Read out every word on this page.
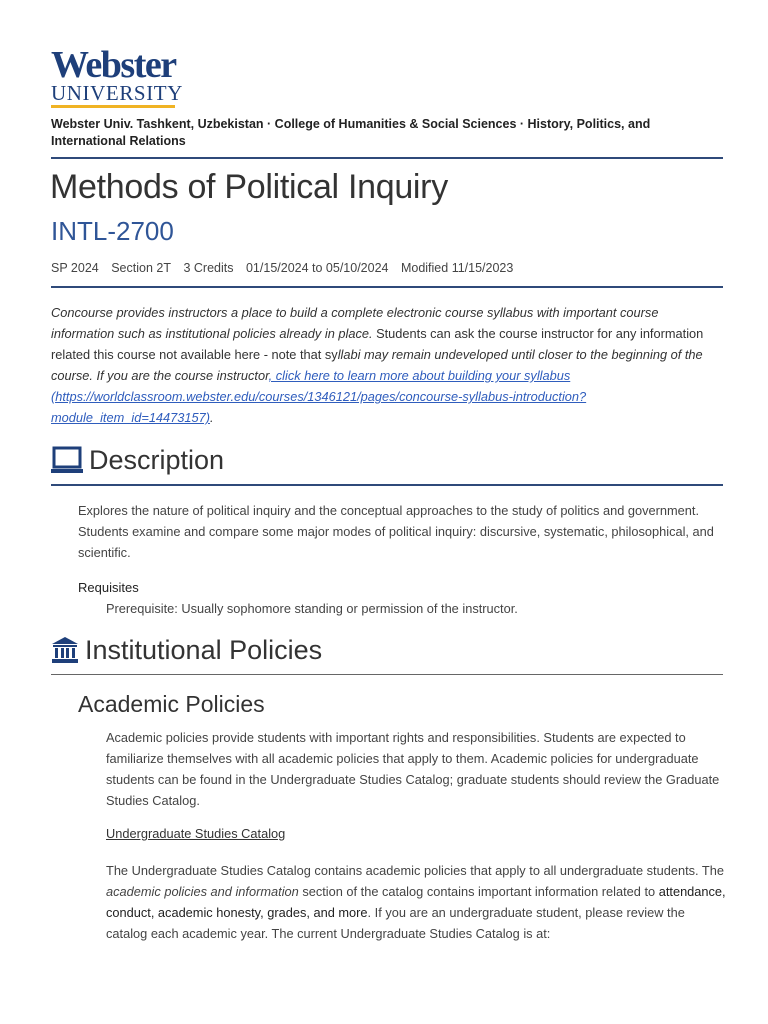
Webster
UNIVERSITY
Webster Univ. Tashkent, Uzbekistan · College of Humanities & Social Sciences · History, Politics, and International Relations
Methods of Political Inquiry
INTL-2700
SP 2024 Section 2T 3 Credits 01/15/2024 to 05/10/2024 Modified 11/15/2023
Concourse provides instructors a place to build a complete electronic course syllabus with important course information such as institutional policies already in place. Students can ask the course instructor for any information related this course not available here - note that syllabi may remain undeveloped until closer to the beginning of the course. If you are the course instructor, click here to learn more about building your syllabus (https://worldclassroom.webster.edu/courses/1346121/pages/concourse-syllabus-introduction?module_item_id=14473157).
Description
Explores the nature of political inquiry and the conceptual approaches to the study of politics and government. Students examine and compare some major modes of political inquiry: discursive, systematic, philosophical, and scientific.
Requisites
Prerequisite: Usually sophomore standing or permission of the instructor.
Institutional Policies
Academic Policies
Academic policies provide students with important rights and responsibilities. Students are expected to familiarize themselves with all academic policies that apply to them. Academic policies for undergraduate students can be found in the Undergraduate Studies Catalog; graduate students should review the Graduate Studies Catalog.
Undergraduate Studies Catalog
The Undergraduate Studies Catalog contains academic policies that apply to all undergraduate students. The academic policies and information section of the catalog contains important information related to attendance, conduct, academic honesty, grades, and more. If you are an undergraduate student, please review the catalog each academic year. The current Undergraduate Studies Catalog is at:
